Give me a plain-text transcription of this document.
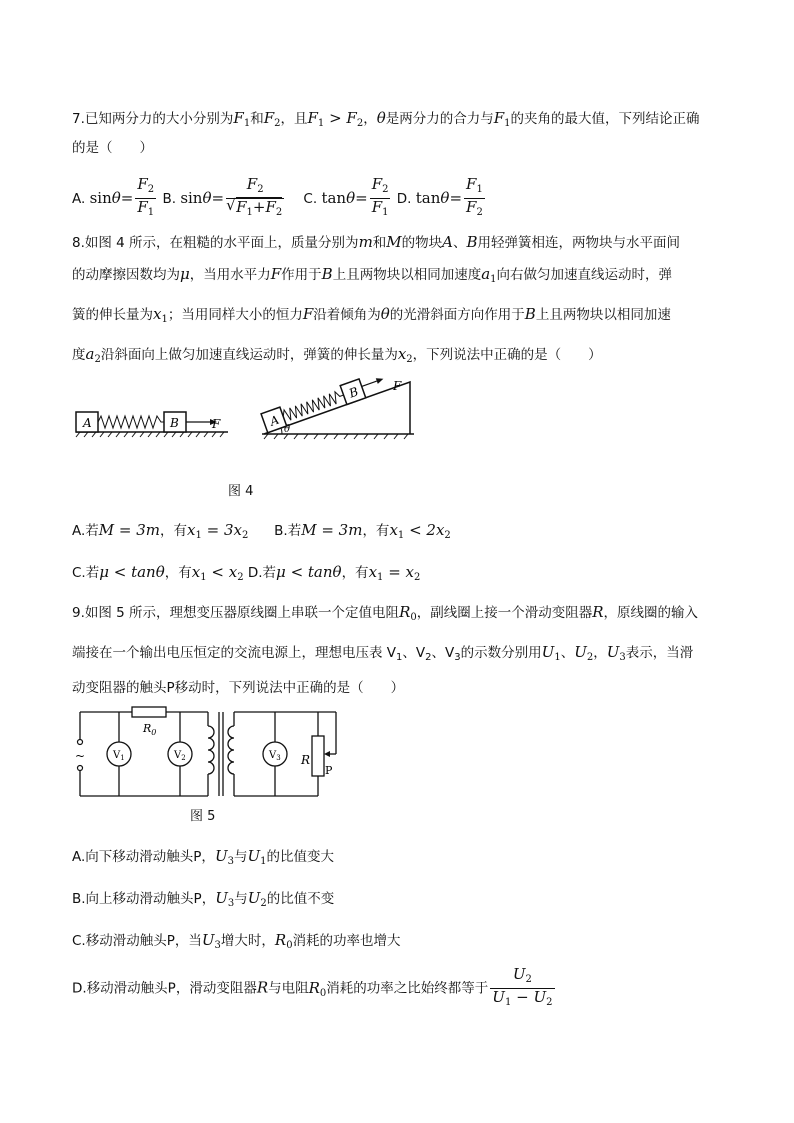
7.已知两分力的大小分别为$F_1$和$F_2$，且$F_1 > F_2$，θ是两分力的合力与$F_1$的夹角的最大值，下列结论正确
的是（　　）
A. $\sin\theta= \frac{F_2}{F_1} B$. $\sin\theta= \frac{F_2}{√ F_1+F_2} C$. $\tan\theta= \frac{F_2}{F_1} D$. $\tan\theta= \frac{F_1}{F_2}$
8.如图 4 所示，在粗糙的水平面上，质量分别为m和M的物块A、B用轻弹簧相连，两物块与水平面间
的动摩擦因数均为μ，当用水平力F作用于B上且两物块以相同加速度$a_1$向右做匀加速直线运动时，弹
簧的伸长量为$x_1$；当用同样大小的恒力F沿着倾角为θ的光滑斜面方向作用于B上且两物块以相同加速
度$a_2$沿斜面向上做匀加速直线运动时，弹簧的伸长量为$x_2$，下列说法中正确的是（　　）
A	B	F	θ
A
B	F
图 4
A.若M = 3m，有$x_1 = 3x_2$ B.若M = 3m，有$x_1 < 2x_2$
C.若μ < tanθ，有$x_1 < x_2$ D.若μ < tanθ，有$x_1 = x_2$
9.如图 5 所示，理想变压器原线圈上串联一个定值电阻$R_0$，副线圈上接一个滑动变阻器R，原线圈的输入
端接在一个输出电压恒定的交流电源上，理想电压表 $V_1$、$V_2$、$V_3$的示数分别用$U_1$、$U_2$，$U_3$表示，当滑
动变阻器的触头P移动时，下列说法中正确的是（　　）
~
$R_0$
$V_1$	$V_2$	$V_3$ R
P
图 5
A.向下移动滑动触头P，$U_3$与$U_1$的比值变大
B.向上移动滑动触头P，$U_3$与$U_2$的比值不变
C.移动滑动触头P，当$U_3$增大时，$R_0$消耗的功率也增大
D.移动滑动触头P，滑动变阻器R与电阻$R_0$消耗的功率之比始终都等于 $\frac{U_2}{U_1 - U_2}$
